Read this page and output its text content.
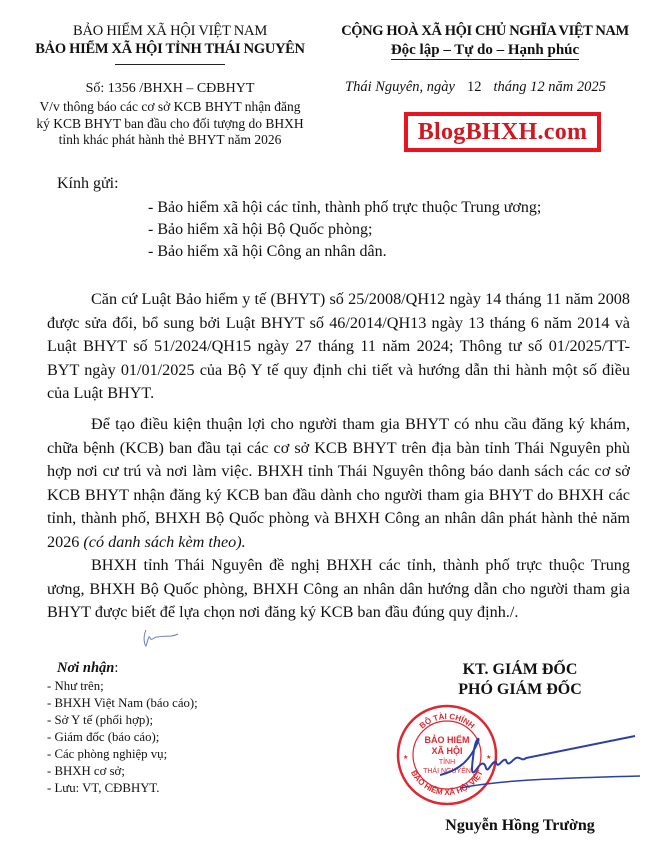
BẢO HIỂM XÃ HỘI VIỆT NAM
BẢO HIỂM XÃ HỘI TỈNH THÁI NGUYÊN
CỘNG HOÀ XÃ HỘI CHỦ NGHĨA VIỆT NAM
Độc lập – Tự do – Hạnh phúc
Số: 1356 /BHXH – CĐBHYT
V/v thông báo các cơ sở KCB BHYT nhận đăng
ký KCB BHYT ban đầu cho đối tượng do BHXH
tỉnh khác phát hành thẻ BHYT năm 2026
Thái Nguyên, ngày 12 tháng 12 năm 2025
BlogBHXH.com
Kính gửi:
- Bảo hiểm xã hội các tỉnh, thành phố trực thuộc Trung ương;
- Bảo hiểm xã hội Bộ Quốc phòng;
- Bảo hiểm xã hội Công an nhân dân.
Căn cứ Luật Bảo hiểm y tế (BHYT) số 25/2008/QH12 ngày 14 tháng 11 năm 2008 được sửa đổi, bổ sung bởi Luật BHYT số 46/2014/QH13 ngày 13 tháng 6 năm 2014 và Luật BHYT số 51/2024/QH15 ngày 27 tháng 11 năm 2024; Thông tư số 01/2025/TT-BYT ngày 01/01/2025 của Bộ Y tế quy định chi tiết và hướng dẫn thi hành một số điều của Luật BHYT.
Để tạo điều kiện thuận lợi cho người tham gia BHYT có nhu cầu đăng ký khám, chữa bệnh (KCB) ban đầu tại các cơ sở KCB BHYT trên địa bàn tỉnh Thái Nguyên phù hợp nơi cư trú và nơi làm việc. BHXH tỉnh Thái Nguyên thông báo danh sách các cơ sở KCB BHYT nhận đăng ký KCB ban đầu dành cho người tham gia BHYT do BHXH các tỉnh, thành phố, BHXH Bộ Quốc phòng và BHXH Công an nhân dân phát hành thẻ năm 2026 (có danh sách kèm theo).
BHXH tỉnh Thái Nguyên đề nghị BHXH các tỉnh, thành phố trực thuộc Trung ương, BHXH Bộ Quốc phòng, BHXH Công an nhân dân hướng dẫn cho người tham gia BHYT được biết để lựa chọn nơi đăng ký KCB ban đầu đúng quy định./.
Nơi nhận:
- Như trên;
- BHXH Việt Nam (báo cáo);
- Sở Y tế (phối hợp);
- Giám đốc (báo cáo);
- Các phòng nghiệp vụ;
- BHXH cơ sở;
- Lưu: VT, CĐBHYT.
KT. GIÁM ĐỐC
PHÓ GIÁM ĐỐC
BỘ TÀI CHÍNH
BẢO HIỂM XÃ HỘI VIỆT
BẢO HIỂM
XÃ HỘI
TỈNH
THÁI NGUYÊN
★	★
Nguyễn Hồng Trường
